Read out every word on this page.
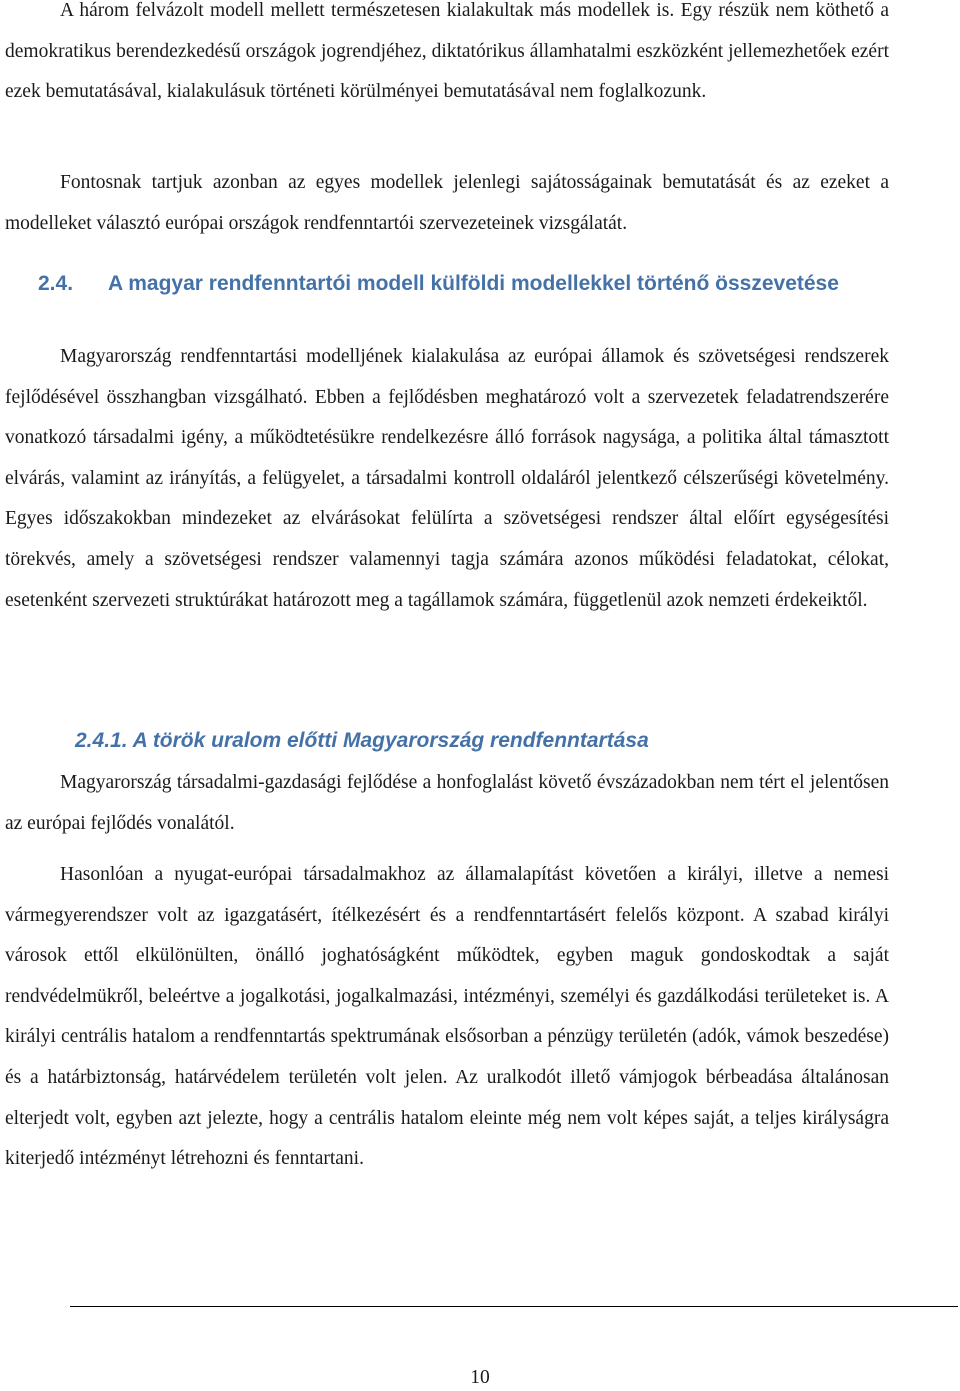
A három felvázolt modell mellett természetesen kialakultak más modellek is. Egy részük nem köthető a demokratikus berendezkedésű országok jogrendjéhez, diktatórikus államhatalmi eszközként jellemezhetőek ezért ezek bemutatásával, kialakulásuk történeti körülményei bemutatásával nem foglalkozunk.

Fontosnak tartjuk azonban az egyes modellek jelenlegi sajátosságainak bemutatását és az ezeket a modelleket választó európai országok rendfenntartói szervezeteinek vizsgálatát.

2.4.	A magyar rendfenntartói modell külföldi modellekkel történő összevetése

Magyarország rendfenntartási modelljének kialakulása az európai államok és szövetségesi rendszerek fejlődésével összhangban vizsgálható. Ebben a fejlődésben meghatározó volt a szervezetek feladatrendszerére vonatkozó társadalmi igény, a működtetésükre rendelkezésre álló források nagysága, a politika által támasztott elvárás, valamint az irányítás, a felügyelet, a társadalmi kontroll oldaláról jelentkező célszerűségi követelmény. Egyes időszakokban mindezeket az elvárásokat felülírta a szövetségesi rendszer által előírt egységesítési törekvés, amely a szövetségesi rendszer valamennyi tagja számára azonos működési feladatokat, célokat, esetenként szervezeti struktúrákat határozott meg a tagállamok számára, függetlenül azok nemzeti érdekeiktől.

2.4.1. A török uralom előtti Magyarország rendfenntartása

Magyarország társadalmi-gazdasági fejlődése a honfoglalást követő évszázadokban nem tért el jelentősen az európai fejlődés vonalától.

Hasonlóan a nyugat-európai társadalmakhoz az államalapítást követően a királyi, illetve a nemesi vármegyerendszer volt az igazgatásért, ítélkezésért és a rendfenntartásért felelős központ. A szabad királyi városok ettől elkülönülten, önálló joghatóságként működtek, egyben maguk gondoskodtak a saját rendvédelmükről, beleértve a jogalkotási, jogalkalmazási, intézményi, személyi és gazdálkodási területeket is. A királyi centrális hatalom a rendfenntartás spektrumának elsősorban a pénzügy területén (adók, vámok beszedése) és a határbiztonság, határvédelem területén volt jelen. Az uralkodót illető vámjogok bérbeadása általánosan elterjedt volt, egyben azt jelezte, hogy a centrális hatalom eleinte még nem volt képes saját, a teljes királyságra kiterjedő intézményt létrehozni és fenntartani.

10
